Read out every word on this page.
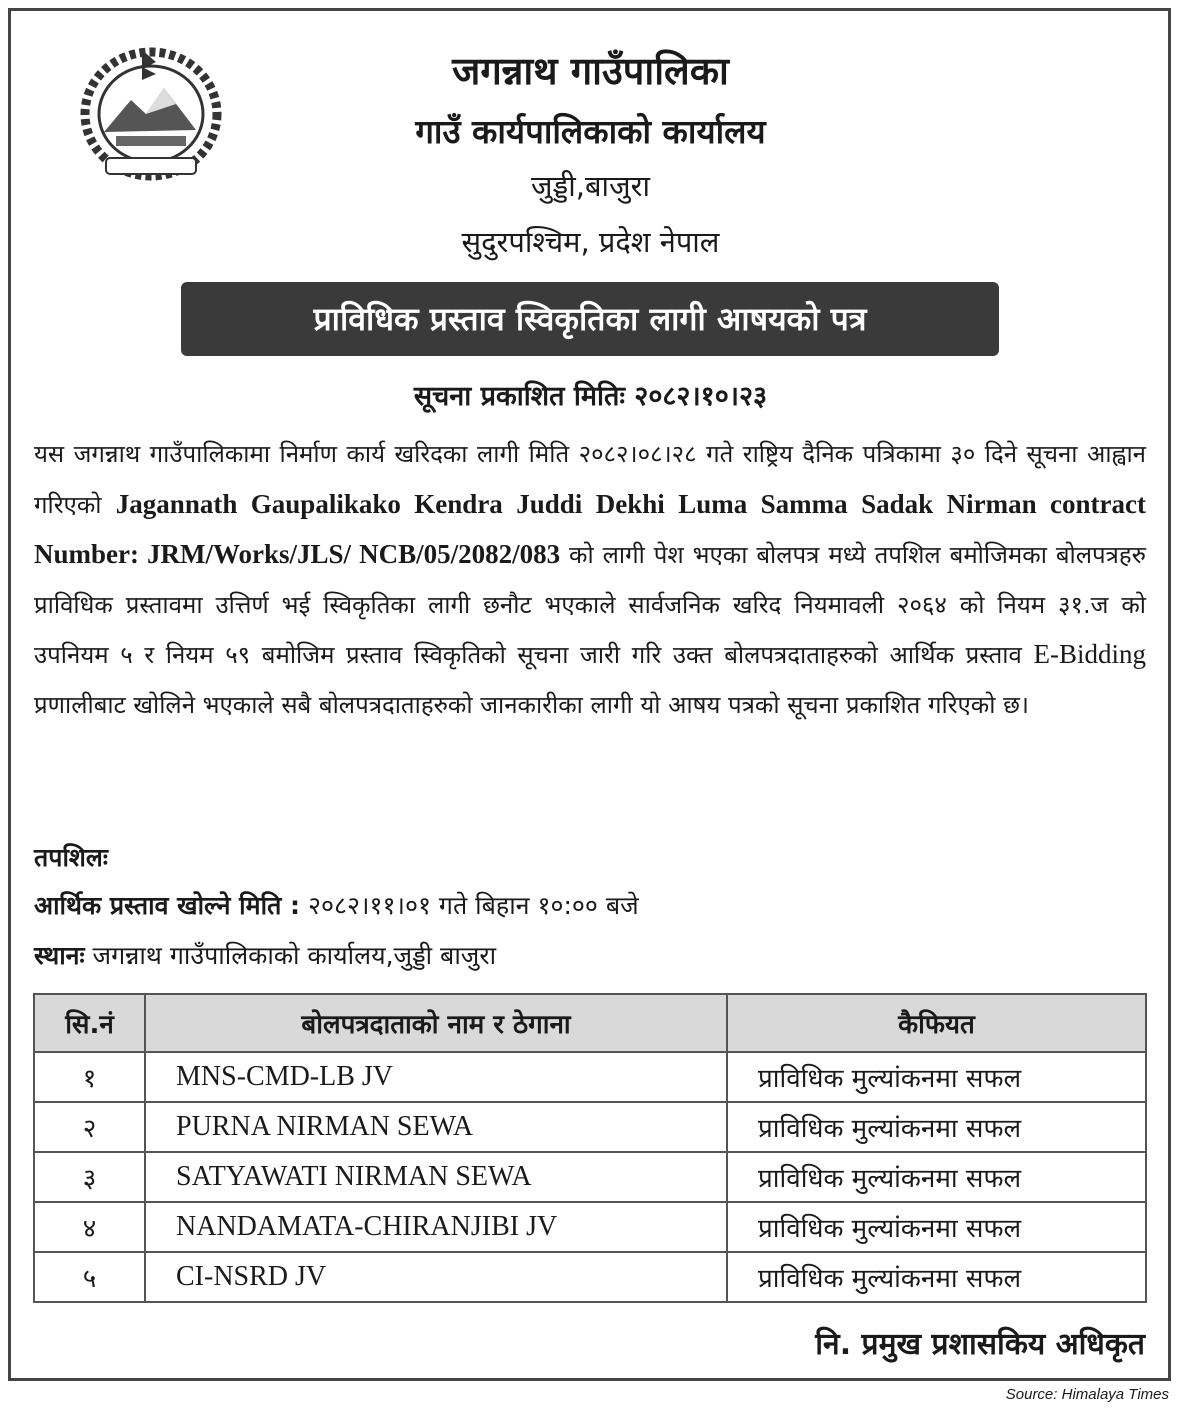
जगन्नाथ गाउँपालिका
गाउँ कार्यपालिकाको कार्यालय
जुड्डी,बाजुरा
सुदुरपश्चिम, प्रदेश नेपाल
प्राविधिक प्रस्ताव स्विकृतिका लागी आषयको पत्र
सूचना प्रकाशित मितिः २०८२।१०।२३
यस जगन्नाथ गाउँपालिकामा निर्माण कार्य खरिदका लागी मिति २०८२।०८।२८ गते राष्ट्रिय दैनिक पत्रिकामा ३० दिने सूचना आह्वान गरिएको Jagannath Gaupalikako Kendra Juddi Dekhi Luma Samma Sadak Nirman contract Number: JRM/Works/JLS/ NCB/05/2082/083 को लागी पेश भएका बोलपत्र मध्ये तपशिल बमोजिमका बोलपत्रहरु प्राविधिक प्रस्तावमा उत्तिर्ण भई स्विकृतिका लागी छनौट भएकाले सार्वजनिक खरिद नियमावली २०६४ को नियम ३१.ज को उपनियम ५ र नियम ५९ बमोजिम प्रस्ताव स्विकृतिको सूचना जारी गरि उक्त बोलपत्रदाताहरुको आर्थिक प्रस्ताव E-Bidding प्रणालीबाट खोलिने भएकाले सबै बोलपत्रदाताहरुको जानकारीका लागी यो आषय पत्रको सूचना प्रकाशित गरिएको छ।
तपशिलः
आर्थिक प्रस्ताव खोल्ने मिति : २०८२।११।०१ गते बिहान १०:०० बजे
स्थानः जगन्नाथ गाउँपालिकाको कार्यालय,जुड्डी बाजुरा
सि.नं	बोलपत्रदाताको नाम र ठेगाना	कैफियत
१	MNS-CMD-LB JV	प्राविधिक मुल्यांकनमा सफल
२	PURNA NIRMAN SEWA	प्राविधिक मुल्यांकनमा सफल
३	SATYAWATI NIRMAN SEWA	प्राविधिक मुल्यांकनमा सफल
४	NANDAMATA-CHIRANJIBI JV	प्राविधिक मुल्यांकनमा सफल
५	CI-NSRD JV	प्राविधिक मुल्यांकनमा सफल
नि. प्रमुख प्रशासकिय अधिकृत
Source: Himalaya Times
